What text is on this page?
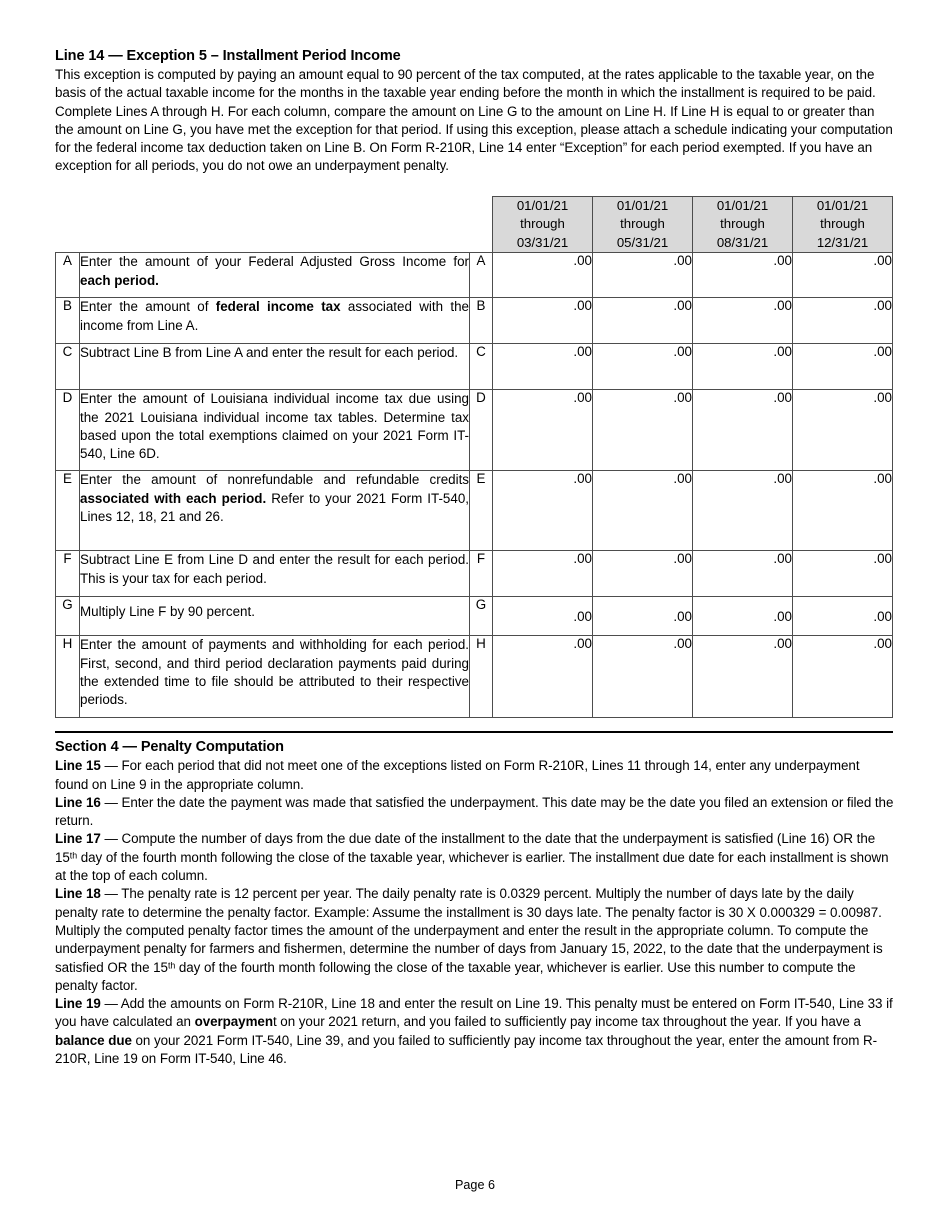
Line 14 — Exception 5 – Installment Period Income

This exception is computed by paying an amount equal to 90 percent of the tax computed, at the rates applicable to the taxable year, on the basis of the actual taxable income for the months in the taxable year ending before the month in which the installment is required to be paid. Complete Lines A through H. For each column, compare the amount on Line G to the amount on Line H. If Line H is equal to or greater than the amount on Line G, you have met the exception for that period. If using this exception, please attach a schedule indicating your computation for the federal income tax deduction taken on Line B. On Form R-210R, Line 14 enter “Exception” for each period exempted. If you have an exception for all periods, you do not owe an underpayment penalty.

01/01/21
through
03/31/21

01/01/21
through
05/31/21

01/01/21
through
08/31/21

01/01/21
through
12/31/21

A	Enter the amount of your Federal Adjusted Gross Income for each period.	A	.00	.00	.00	.00
B	Enter the amount of federal income tax associated with the income from Line A.	B	.00	.00	.00	.00
C	Subtract Line B from Line A and enter the result for each period.	C	.00	.00	.00	.00
D	Enter the amount of Louisiana individual income tax due using the 2021 Louisiana individual income tax tables. Determine tax based upon the total exemptions claimed on your 2021 Form IT-540, Line 6D.	D	.00	.00	.00	.00
E	Enter the amount of nonrefundable and refundable credits associated with each period. Refer to your 2021 Form IT-540, Lines 12, 18, 21 and 26.	E	.00	.00	.00	.00
F	Subtract Line E from Line D and enter the result for each period. This is your tax for each period.	F	.00	.00	.00	.00
G	Multiply Line F by 90 percent.	G	.00	.00	.00	.00
H	Enter the amount of payments and withholding for each period. First, second, and third period declaration payments paid during the extended time to file should be attributed to their respective periods.	H	.00	.00	.00	.00
Section 4 — Penalty Computation

Line 15 — For each period that did not meet one of the exceptions listed on Form R-210R, Lines 11 through 14, enter any underpayment found on Line 9 in the appropriate column.

Line 16 — Enter the date the payment was made that satisfied the underpayment. This date may be the date you filed an extension or filed the return.

Line 17 — Compute the number of days from the due date of the installment to the date that the underpayment is satisfied (Line 16) OR the 15th day of the fourth month following the close of the taxable year, whichever is earlier. The installment due date for each installment is shown at the top of each column.

Line 18 — The penalty rate is 12 percent per year. The daily penalty rate is 0.0329 percent. Multiply the number of days late by the daily penalty rate to determine the penalty factor. Example: Assume the installment is 30 days late. The penalty factor is 30 X 0.000329 = 0.00987. Multiply the computed penalty factor times the amount of the underpayment and enter the result in the appropriate column. To compute the underpayment penalty for farmers and fishermen, determine the number of days from January 15, 2022, to the date that the underpayment is satisfied OR the 15th day of the fourth month following the close of the taxable year, whichever is earlier. Use this number to compute the penalty factor.

Line 19 — Add the amounts on Form R-210R, Line 18 and enter the result on Line 19. This penalty must be entered on Form IT-540, Line 33 if you have calculated an overpayment on your 2021 return, and you failed to sufficiently pay income tax throughout the year. If you have a balance due on your 2021 Form IT-540, Line 39, and you failed to sufficiently pay income tax throughout the year, enter the amount from R-210R, Line 19 on Form IT-540, Line 46.

Page 6
